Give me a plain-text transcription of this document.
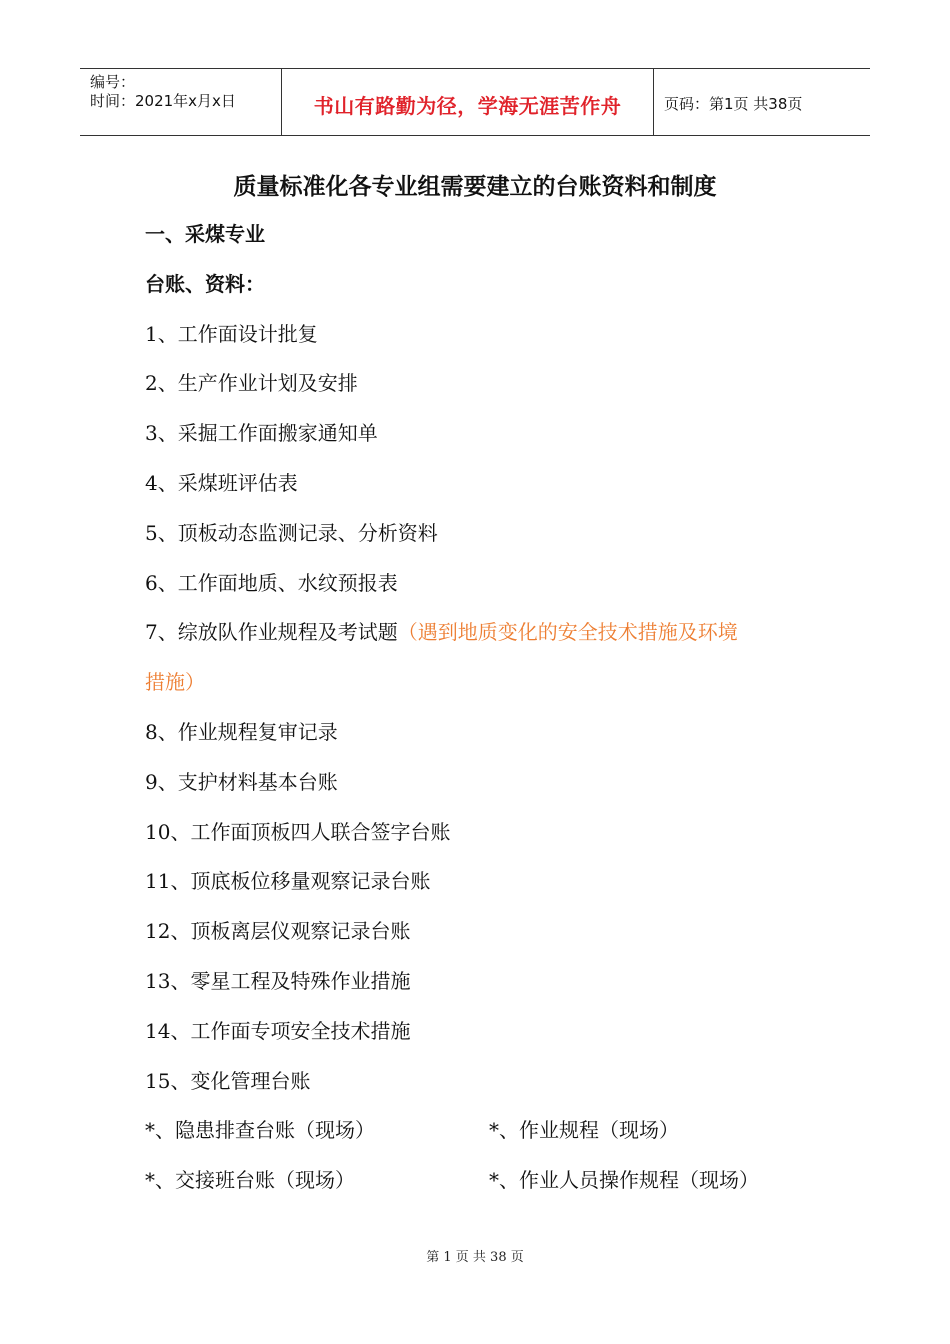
编号：
时间：2021年x月x日	书山有路勤为径，学海无涯苦作舟	页码：第1页 共38页
质量标准化各专业组需要建立的台账资料和制度
一、采煤专业
台账、资料：
1、工作面设计批复
2、生产作业计划及安排
3、采掘工作面搬家通知单
4、采煤班评估表
5、顶板动态监测记录、分析资料
6、工作面地质、水纹预报表
7、综放队作业规程及考试题（遇到地质变化的安全技术措施及环境
措施）
8、作业规程复审记录
9、支护材料基本台账
10、工作面顶板四人联合签字台账
11、顶底板位移量观察记录台账
12、顶板离层仪观察记录台账
13、零星工程及特殊作业措施
14、工作面专项安全技术措施
15、变化管理台账
*、隐患排查台账（现场）	*、作业规程（现场）
*、交接班台账（现场）	*、作业人员操作规程（现场）
第 1 页 共 38 页
